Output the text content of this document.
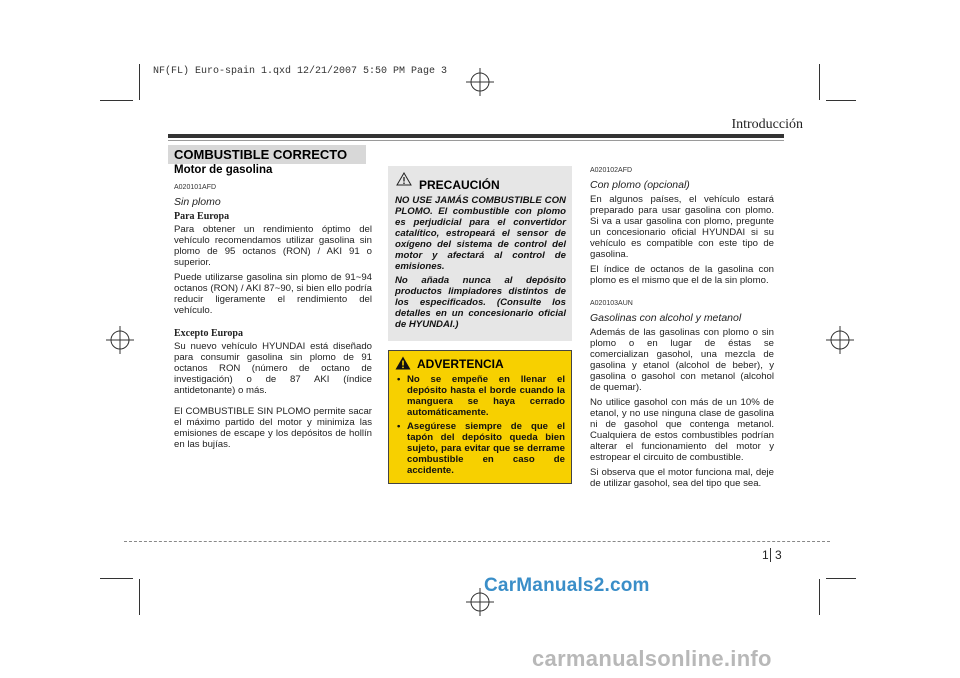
NF(FL) Euro-spain 1.qxd 12/21/2007 5:50 PM Page 3
Introducción
COMBUSTIBLE CORRECTO
Motor de gasolina
A020101AFD
Sin plomo
Para Europa

Para obtener un rendimiento óptimo del vehículo recomendamos utilizar gasolina sin plomo de 95 octanos (RON) / AKI 91 o superior.

Puede utilizarse gasolina sin plomo de 91~94 octanos (RON) / AKI 87~90, si bien ello podría reducir ligeramente el rendimiento del vehículo.

Excepto Europa

Su nuevo vehículo HYUNDAI está diseñado para consumir gasolina sin plomo de 91 octanos RON (número de octano de investigación) o de 87 AKI (índice antidetonante) o más.

El COMBUSTIBLE SIN PLOMO permite sacar el máximo partido del motor y minimiza las emisiones de escape y los depósitos de hollín en las bujías.

PRECAUCIÓN

NO USE JAMÁS COMBUSTIBLE CON PLOMO. El combustible con plomo es perjudicial para el convertidor catalítico, estropeará el sensor de oxígeno del sistema de control del motor y afectará al control de emisiones.

No añada nunca al depósito productos limpiadores distintos de los especificados. (Consulte los detalles en un concesionario oficial de HYUNDAI.)

ADVERTENCIA
• No se empeñe en llenar el depósito hasta el borde cuando la manguera se haya cerrado automáticamente.
• Asegúrese siempre de que el tapón del depósito queda bien sujeto, para evitar que se derrame combustible en caso de accidente.
A020102AFD
Con plomo (opcional)

En algunos países, el vehículo estará preparado para usar gasolina con plomo. Si va a usar gasolina con plomo, pregunte un concesionario oficial HYUNDAI si su vehículo es compatible con este tipo de gasolina.

El índice de octanos de la gasolina con plomo es el mismo que el de la sin plomo.

A020103AUN
Gasolinas con alcohol y metanol

Además de las gasolinas con plomo o sin plomo o en lugar de éstas se comercializan gasohol, una mezcla de gasolina y etanol (alcohol de beber), y gasolina o gasohol con metanol (alcohol de quemar).

No utilice gasohol con más de un 10% de etanol, y no use ninguna clase de gasolina ni de gasohol que contenga metanol. Cualquiera de estos combustibles podrían alterar el funcionamiento del motor y estropear el circuito de combustible.

Si observa que el motor funciona mal, deje de utilizar gasohol, sea del tipo que sea.

1 3
CarManuals2.com
carmanualsonline.info
